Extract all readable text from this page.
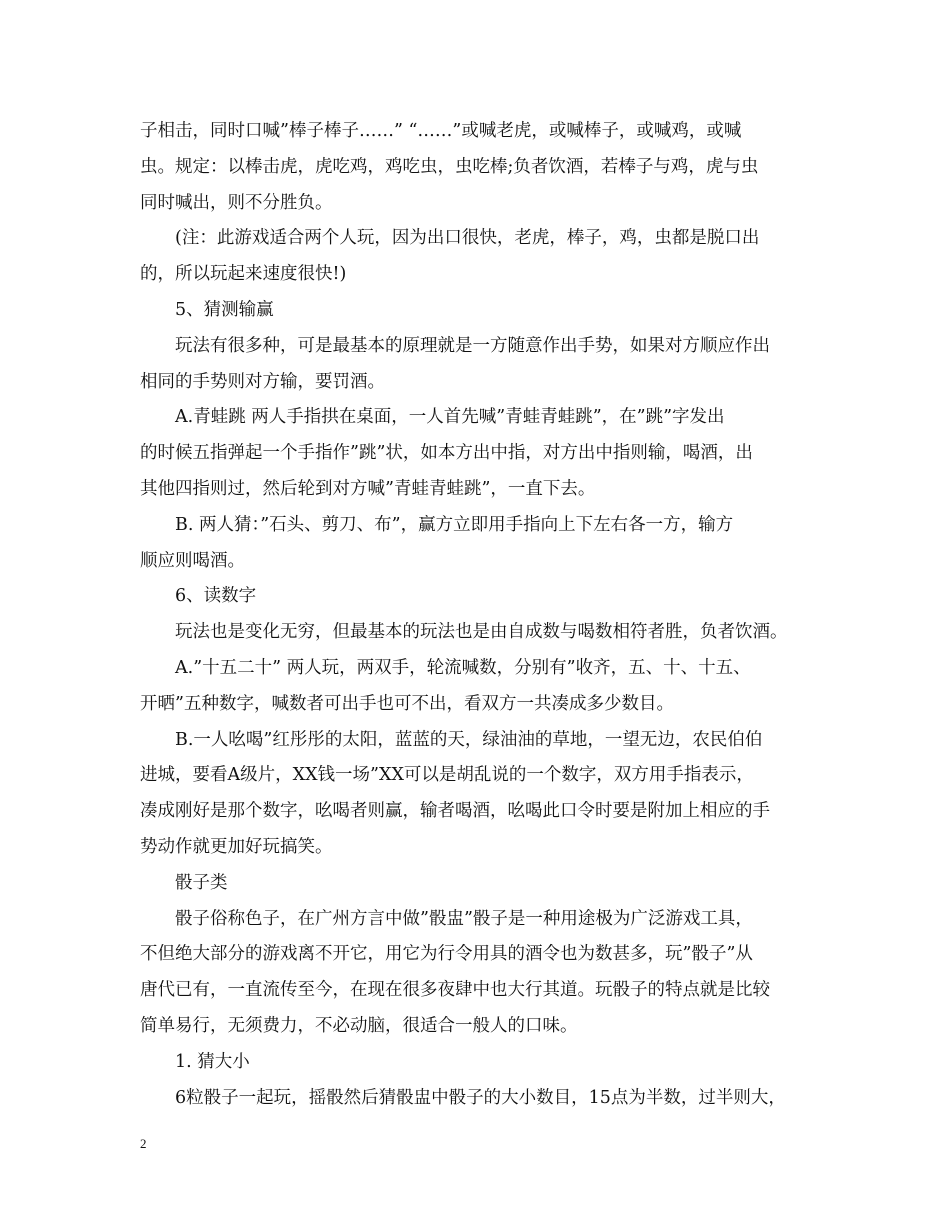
子相击，同时口喊”棒子棒子……” “……”或喊老虎，或喊棒子，或喊鸡，或喊
虫。规定：以棒击虎，虎吃鸡，鸡吃虫，虫吃棒;负者饮酒，若棒子与鸡，虎与虫
同时喊出，则不分胜负。
(注：此游戏适合两个人玩，因为出口很快，老虎，棒子，鸡，虫都是脱口出
的，所以玩起来速度很快!)
5、猜测输赢
玩法有很多种，可是最基本的原理就是一方随意作出手势，如果对方顺应作出
相同的手势则对方输，要罚酒。
A.青蛙跳 两人手指拱在桌面，一人首先喊”青蛙青蛙跳”，在”跳”字发出
的时候五指弹起一个手指作”跳”状，如本方出中指，对方出中指则输，喝酒，出
其他四指则过，然后轮到对方喊”青蛙青蛙跳”，一直下去。
B. 两人猜：”石头、剪刀、布”，赢方立即用手指向上下左右各一方，输方
顺应则喝酒。
6、读数字
玩法也是变化无穷，但最基本的玩法也是由自成数与喝数相符者胜，负者饮酒。
A.”十五二十” 两人玩，两双手，轮流喊数，分别有”收齐，五、十、十五、
开晒”五种数字，喊数者可出手也可不出，看双方一共凑成多少数目。
B.一人吆喝”红彤彤的太阳，蓝蓝的天，绿油油的草地，一望无边，农民伯伯
进城，要看A级片，XX钱一场”XX可以是胡乱说的一个数字，双方用手指表示，
凑成刚好是那个数字，吆喝者则赢，输者喝酒，吆喝此口令时要是附加上相应的手
势动作就更加好玩搞笑。
骰子类
骰子俗称色子，在广州方言中做”骰盅”骰子是一种用途极为广泛游戏工具，
不但绝大部分的游戏离不开它，用它为行令用具的酒令也为数甚多，玩”骰子”从
唐代已有，一直流传至今，在现在很多夜肆中也大行其道。玩骰子的特点就是比较
简单易行，无须费力，不必动脑，很适合一般人的口味。
1. 猜大小
6粒骰子一起玩，摇骰然后猜骰盅中骰子的大小数目，15点为半数，过半则大，
2
